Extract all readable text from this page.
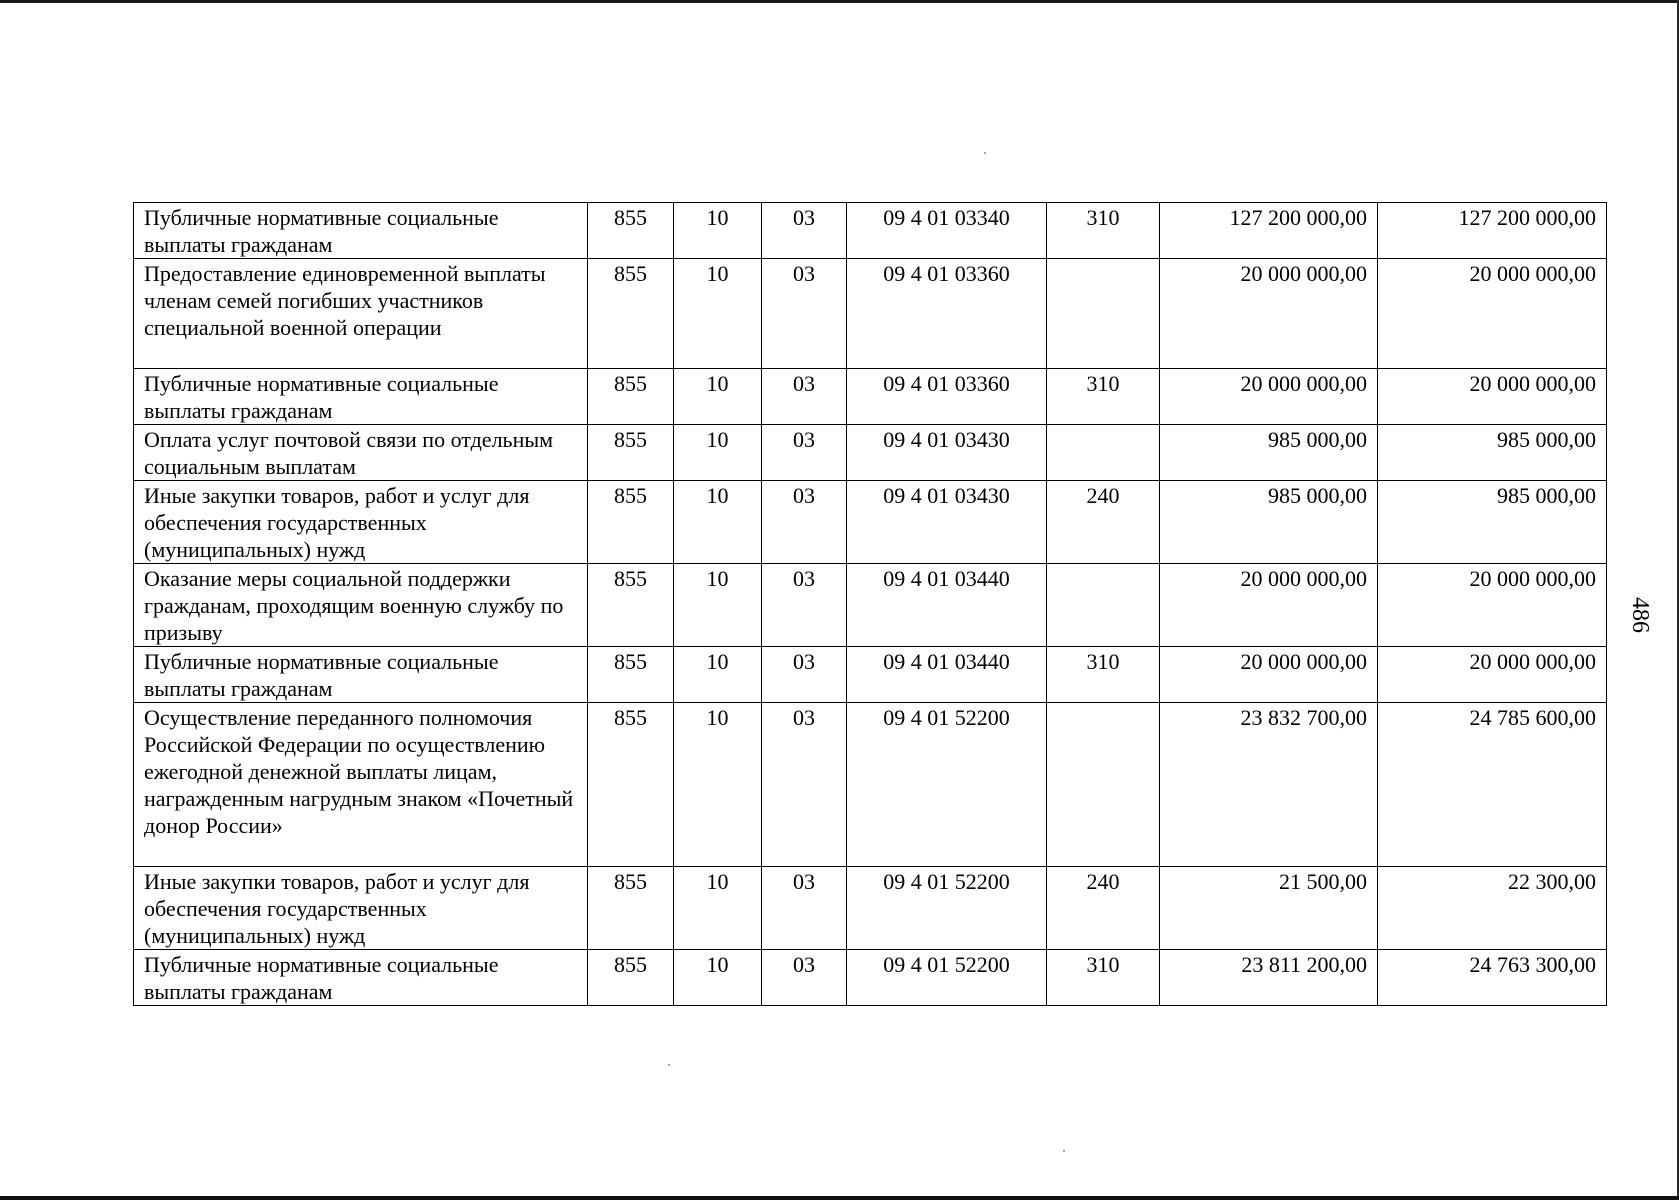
Публичные нормативные социальные выплаты гражданам	855	10	03	09 4 01 03340	310	127 200 000,00	127 200 000,00
Предоставление единовременной выплаты членам семей погибших участников специальной военной операции	855	10	03	09 4 01 03360		20 000 000,00	20 000 000,00
Публичные нормативные социальные выплаты гражданам	855	10	03	09 4 01 03360	310	20 000 000,00	20 000 000,00
Оплата услуг почтовой связи по отдельным социальным выплатам	855	10	03	09 4 01 03430		985 000,00	985 000,00
Иные закупки товаров, работ и услуг для обеспечения государственных (муниципальных) нужд	855	10	03	09 4 01 03430	240	985 000,00	985 000,00
Оказание меры социальной поддержки гражданам, проходящим военную службу по призыву	855	10	03	09 4 01 03440		20 000 000,00	20 000 000,00
Публичные нормативные социальные выплаты гражданам	855	10	03	09 4 01 03440	310	20 000 000,00	20 000 000,00
Осуществление переданного полномочия Российской Федерации по осуществлению ежегодной денежной выплаты лицам, награжденным нагрудным знаком «Почетный донор России»	855	10	03	09 4 01 52200		23 832 700,00	24 785 600,00
Иные закупки товаров, работ и услуг для обеспечения государственных (муниципальных) нужд	855	10	03	09 4 01 52200	240	21 500,00	22 300,00
Публичные нормативные социальные выплаты гражданам	855	10	03	09 4 01 52200	310	23 811 200,00	24 763 300,00
486
